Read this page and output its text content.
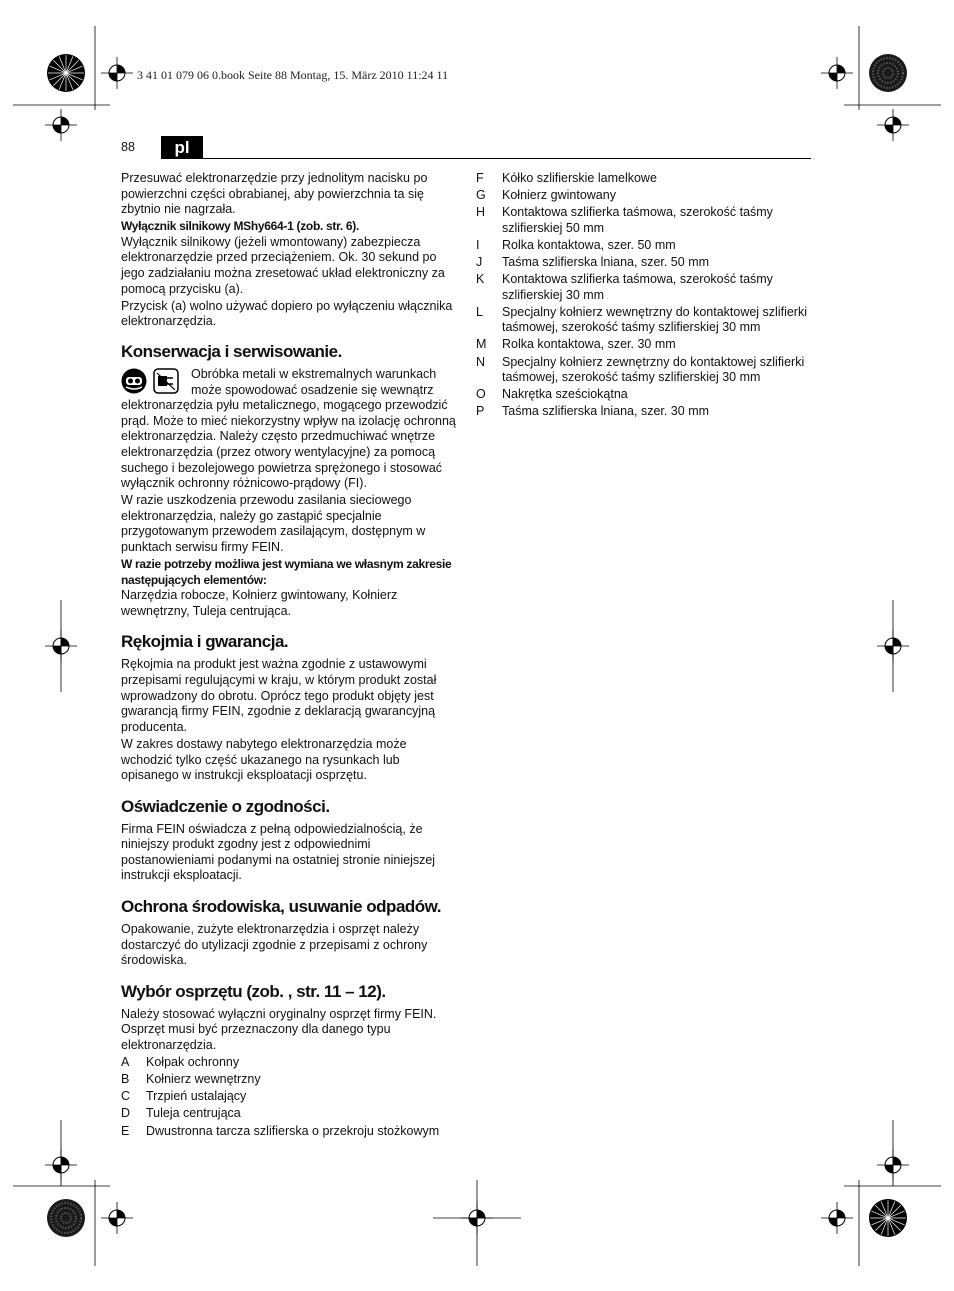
3 41 01 079 06 0.book Seite 88 Montag, 15. März 2010 11:24 11
88	pl

Przesuwać elektronarzędzie przy jednolitym nacisku po powierzchni części obrabianej, aby powierzchnia ta się zbytnio nie nagrzała.

Wyłącznik silnikowy MShy664-1 (zob. str. 6).

Wyłącznik silnikowy (jeżeli wmontowany) zabezpiecza elektronarzędzie przed przeciążeniem. Ok. 30 sekund po jego zadziałaniu można zresetować układ elektroniczny za pomocą przycisku (a).

Przycisk (a) wolno używać dopiero po wyłączeniu włącznika elektronarzędzia.

Konserwacja i serwisowanie.

Obróbka metali w ekstremalnych warunkach może spowodować osadzenie się wewnątrz elektronarzędzia pyłu metalicznego, mogącego przewodzić prąd. Może to mieć niekorzystny wpływ na izolację ochronną elektronarzędzia. Należy często przedmuchiwać wnętrze elektronarzędzia (przez otwory wentylacyjne) za pomocą suchego i bezolejowego powietrza sprężonego i stosować wyłącznik ochronny różnicowo-prądowy (FI).

W razie uszkodzenia przewodu zasilania sieciowego elektronarzędzia, należy go zastąpić specjalnie przygotowanym przewodem zasilającym, dostępnym w punktach serwisu firmy FEIN.

W razie potrzeby możliwa jest wymiana we własnym zakresie następujących elementów:

Narzędzia robocze, Kołnierz gwintowany, Kołnierz wewnętrzny, Tuleja centrująca.

Rękojmia i gwarancja.

Rękojmia na produkt jest ważna zgodnie z ustawowymi przepisami regulującymi w kraju, w którym produkt został wprowadzony do obrotu. Oprócz tego produkt objęty jest gwarancją firmy FEIN, zgodnie z deklaracją gwarancyjną producenta.

W zakres dostawy nabytego elektronarzędzia może wchodzić tylko część ukazanego na rysunkach lub opisanego w instrukcji eksploatacji osprzętu.

Oświadczenie o zgodności.

Firma FEIN oświadcza z pełną odpowiedzialnością, że niniejszy produkt zgodny jest z odpowiednimi postanowieniami podanymi na ostatniej stronie niniejszej instrukcji eksploatacji.

Ochrona środowiska, usuwanie odpadów.

Opakowanie, zużyte elektronarzędzia i osprzęt należy dostarczyć do utylizacji zgodnie z przepisami z ochrony środowiska.

Wybór osprzętu (zob. , str. 11 – 12).

Należy stosować wyłączni oryginalny osprzęt firmy FEIN. Osprzęt musi być przeznaczony dla danego typu elektronarzędzia.

A	Kołpak ochronny
B	Kołnierz wewnętrzny
C	Trzpień ustalający
D	Tuleja centrująca
E	Dwustronna tarcza szlifierska o przekroju stożkowym
F	Kółko szlifierskie lamelkowe
G	Kołnierz gwintowany
H	Kontaktowa szlifierka taśmowa, szerokość taśmy szlifierskiej 50 mm
I	Rolka kontaktowa, szer. 50 mm
J	Taśma szlifierska lniana, szer. 50 mm
K	Kontaktowa szlifierka taśmowa, szerokość taśmy szlifierskiej 30 mm
L	Specjalny kołnierz wewnętrzny do kontaktowej szlifierki taśmowej, szerokość taśmy szlifierskiej 30 mm
M	Rolka kontaktowa, szer. 30 mm
N	Specjalny kołnierz zewnętrzny do kontaktowej szlifierki taśmowej, szerokość taśmy szlifierskiej 30 mm
O	Nakrętka sześciokątna
P	Taśma szlifierska lniana, szer. 30 mm
